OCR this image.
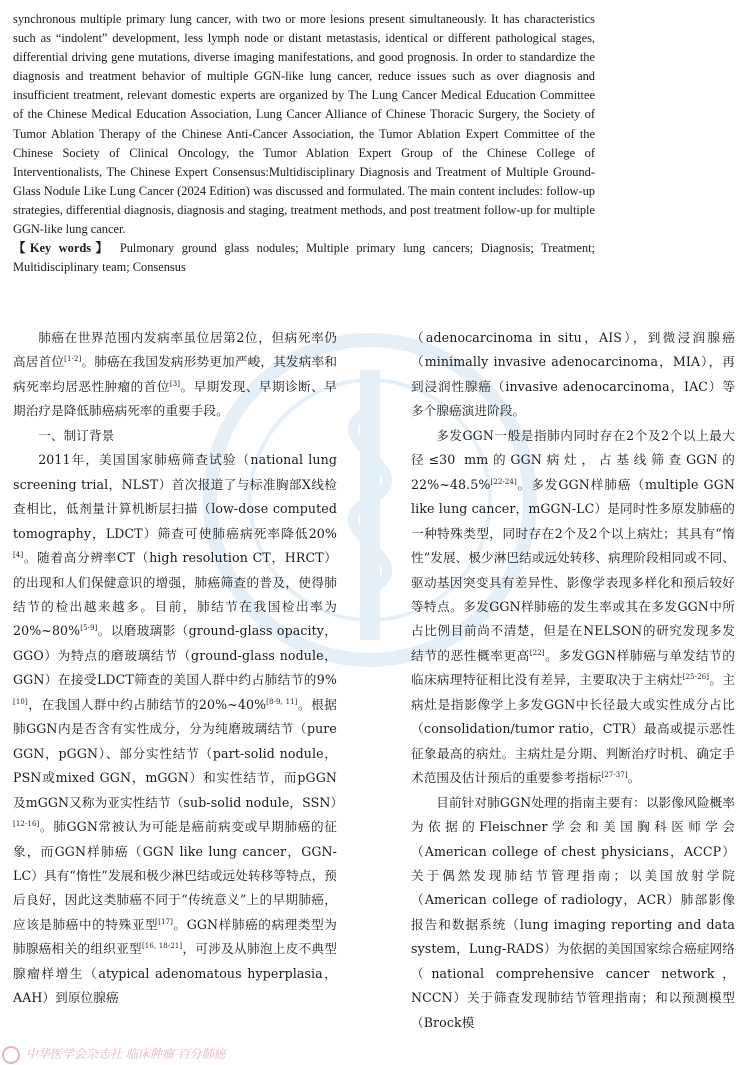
synchronous multiple primary lung cancer, with two or more lesions present simultaneously. It has characteristics such as “indolent” development, less lymph node or distant metastasis, identical or different pathological stages, differential driving gene mutations, diverse imaging manifestations, and good prognosis. In order to standardize the diagnosis and treatment behavior of multiple GGN-like lung cancer, reduce issues such as over diagnosis and insufficient treatment, relevant domestic experts are organized by The Lung Cancer Medical Education Committee of the Chinese Medical Education Association, Lung Cancer Alliance of Chinese Thoracic Surgery, the Society of Tumor Ablation Therapy of the Chinese Anti-Cancer Association, the Tumor Ablation Expert Committee of the Chinese Society of Clinical Oncology, the Tumor Ablation Expert Group of the Chinese College of Interventionalists, The Chinese Expert Consensus:Multidisciplinary Diagnosis and Treatment of Multiple Ground-Glass Nodule Like Lung Cancer (2024 Edition) was discussed and formulated. The main content includes: follow-up strategies, differential diagnosis, diagnosis and staging, treatment methods, and post treatment follow-up for multiple GGN-like lung cancer.

【Key words】 Pulmonary ground glass nodules; Multiple primary lung cancers; Diagnosis; Treatment; Multidisciplinary team; Consensus

肺癌在世界范围内发病率虽位居第2位，但病死率仍高居首位[1-2]。肺癌在我国发病形势更加严峻，其发病率和病死率均居恶性肿瘤的首位[3]。早期发现、早期诊断、早期治疗是降低肺癌病死率的重要手段。

一、制订背景

2011年，美国国家肺癌筛查试验（national lung screening trial，NLST）首次报道了与标准胸部X线检查相比，低剂量计算机断层扫描（low-dose computed tomography，LDCT）筛查可使肺癌病死率降低20%[4]。随着高分辨率CT（high resolution CT，HRCT）的出现和人们保健意识的增强，肺癌筛查的普及，使得肺结节的检出越来越多。目前，肺结节在我国检出率为20%~80%[5-9]。以磨玻璃影（ground-glass opacity，GGO）为特点的磨玻璃结节（ground-glass nodule，GGN）在接受LDCT筛查的美国人群中约占肺结节的9%[10]，在我国人群中约占肺结节的20%~40%[8-9, 11]。根据肺GGN内是否含有实性成分，分为纯磨玻璃结节（pure GGN，pGGN）、部分实性结节（part-solid nodule，PSN或mixed GGN，mGGN）和实性结节，而pGGN及mGGN又称为亚实性结节（sub-solid nodule，SSN）[12-16]。肺GGN常被认为可能是癌前病变或早期肺癌的征象，而GGN样肺癌（GGN like lung cancer，GGN-LC）具有“惰性”发展和极少淋巴结或远处转移等特点，预后良好，因此这类肺癌不同于“传统意义”上的早期肺癌，应该是肺癌中的特殊亚型[17]。GGN样肺癌的病理类型为肺腺癌相关的组织亚型[16, 18-21]，可涉及从肺泡上皮不典型腺瘤样增生（atypical adenomatous hyperplasia，AAH）到原位腺癌

（adenocarcinoma in situ，AIS），到微浸润腺癌（minimally invasive adenocarcinoma，MIA），再到浸润性腺癌（invasive adenocarcinoma，IAC）等多个腺癌演进阶段。

多发GGN一般是指肺内同时存在2个及2个以上最大径≤30 mm的GGN病灶，占基线筛查GGN的22%~48.5%[22-24]。多发GGN样肺癌（multiple GGN like lung cancer，mGGN-LC）是同时性多原发肺癌的一种特殊类型，同时存在2个及2个以上病灶；其具有“惰性”发展、极少淋巴结或远处转移、病理阶段相同或不同、驱动基因突变具有差异性、影像学表现多样化和预后较好等特点。多发GGN样肺癌的发生率或其在多发GGN中所占比例目前尚不清楚，但是在NELSON的研究发现多发结节的恶性概率更高[22]。多发GGN样肺癌与单发结节的临床病理特征相比没有差异，主要取决于主病灶[25-26]。主病灶是指影像学上多发GGN中长径最大或实性成分占比（consolidation/tumor ratio，CTR）最高或提示恶性征象最高的病灶。主病灶是分期、判断治疗时机、确定手术范围及估计预后的重要参考指标[27-37]。

目前针对肺GGN处理的指南主要有：以影像风险概率为依据的Fleischner学会和美国胸科医师学会（American college of chest physicians，ACCP）关于偶然发现肺结节管理指南；以美国放射学院（American college of radiology，ACR）肺部影像报告和数据系统（lung imaging reporting and data system，Lung-RADS）为依据的美国国家综合癌症网络（national comprehensive cancer network，NCCN）关于筛查发现肺结节管理指南；和以预测模型（Brock模

中华医学会杂志社 临床肿瘤 百分肺癌
